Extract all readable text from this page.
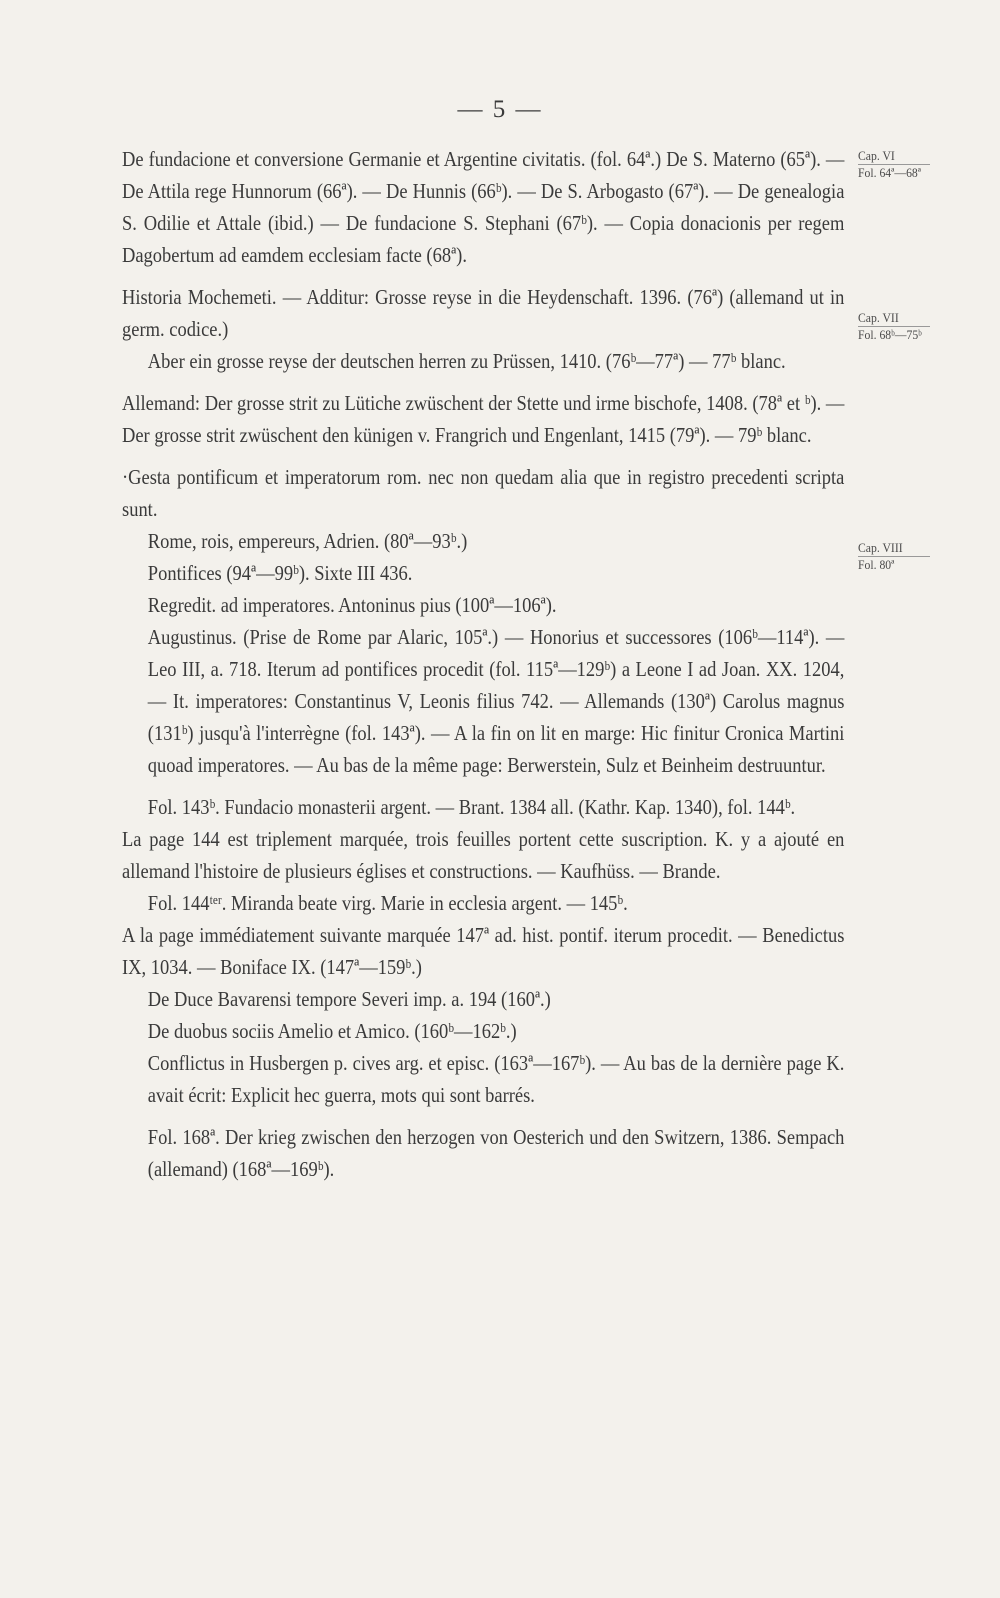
— 5 —
Cap. VI
Fol. 64ª—68ª
Cap. VII
Fol. 68ᵇ—75ᵇ
Cap. VIII
Fol. 80ª

De fundacione et conversione Germanie et Argentine civitatis. (fol. 64ª.) De S. Materno (65ª). — De Attila rege Hunnorum (66ª). — De Hunnis (66ᵇ). — De S. Arbogasto (67ª). — De genealogia S. Odilie et Attale (ibid.) — De fundacione S. Stephani (67ᵇ). — Copia donacionis per regem Dagobertum ad eamdem ecclesiam facte (68ª).

Historia Mochemeti. — Additur: Grosse reyse in die Heydenschaft. 1396. (76ª) (allemand ut in germ. codice.)

Aber ein grosse reyse der deutschen herren zu Prüssen, 1410. (76ᵇ—77ª) — 77ᵇ blanc.

Allemand: Der grosse strit zu Lütiche zwüschent der Stette und irme bischofe, 1408. (78ª et ᵇ). — Der grosse strit zwüschent den künigen v. Frangrich und Engenlant, 1415 (79ª). — 79ᵇ blanc.

·Gesta pontificum et imperatorum rom. nec non quedam alia que in registro precedenti scripta sunt.

Rome, rois, empereurs, Adrien. (80ª—93ᵇ.)

Pontifices (94ª—99ᵇ). Sixte III 436.

Regredit. ad imperatores. Antoninus pius (100ª—106ª).

Augustinus. (Prise de Rome par Alaric, 105ª.) — Honorius et successores (106ᵇ—114ª). — Leo III, a. 718. Iterum ad pontifices procedit (fol. 115ª—129ᵇ) a Leone I ad Joan. XX. 1204, — It. imperatores: Constantinus V, Leonis filius 742. — Allemands (130ª) Carolus magnus (131ᵇ) jusqu'à l'interrègne (fol. 143ª). — A la fin on lit en marge: Hic finitur Cronica Martini quoad imperatores. — Au bas de la même page: Berwerstein, Sulz et Beinheim destruuntur.

Fol. 143ᵇ. Fundacio monasterii argent. — Brant. 1384 all. (Kathr. Kap. 1340), fol. 144ᵇ.

La page 144 est triplement marquée, trois feuilles portent cette suscription. K. y a ajouté en allemand l'histoire de plusieurs églises et constructions. — Kaufhüss. — Brande.

Fol. 144ᵗᵉʳ. Miranda beate virg. Marie in ecclesia argent. — 145ᵇ.

A la page immédiatement suivante marquée 147ª ad. hist. pontif. iterum procedit. — Benedictus IX, 1034. — Boniface IX. (147ª—159ᵇ.)

De Duce Bavarensi tempore Severi imp. a. 194 (160ª.)

De duobus sociis Amelio et Amico. (160ᵇ—162ᵇ.)

Conflictus in Husbergen p. cives arg. et episc. (163ª—167ᵇ). — Au bas de la dernière page K. avait écrit: Explicit hec guerra, mots qui sont barrés.

Fol. 168ª. Der krieg zwischen den herzogen von Oesterich und den Switzern, 1386. Sempach (allemand) (168ª—169ᵇ).
